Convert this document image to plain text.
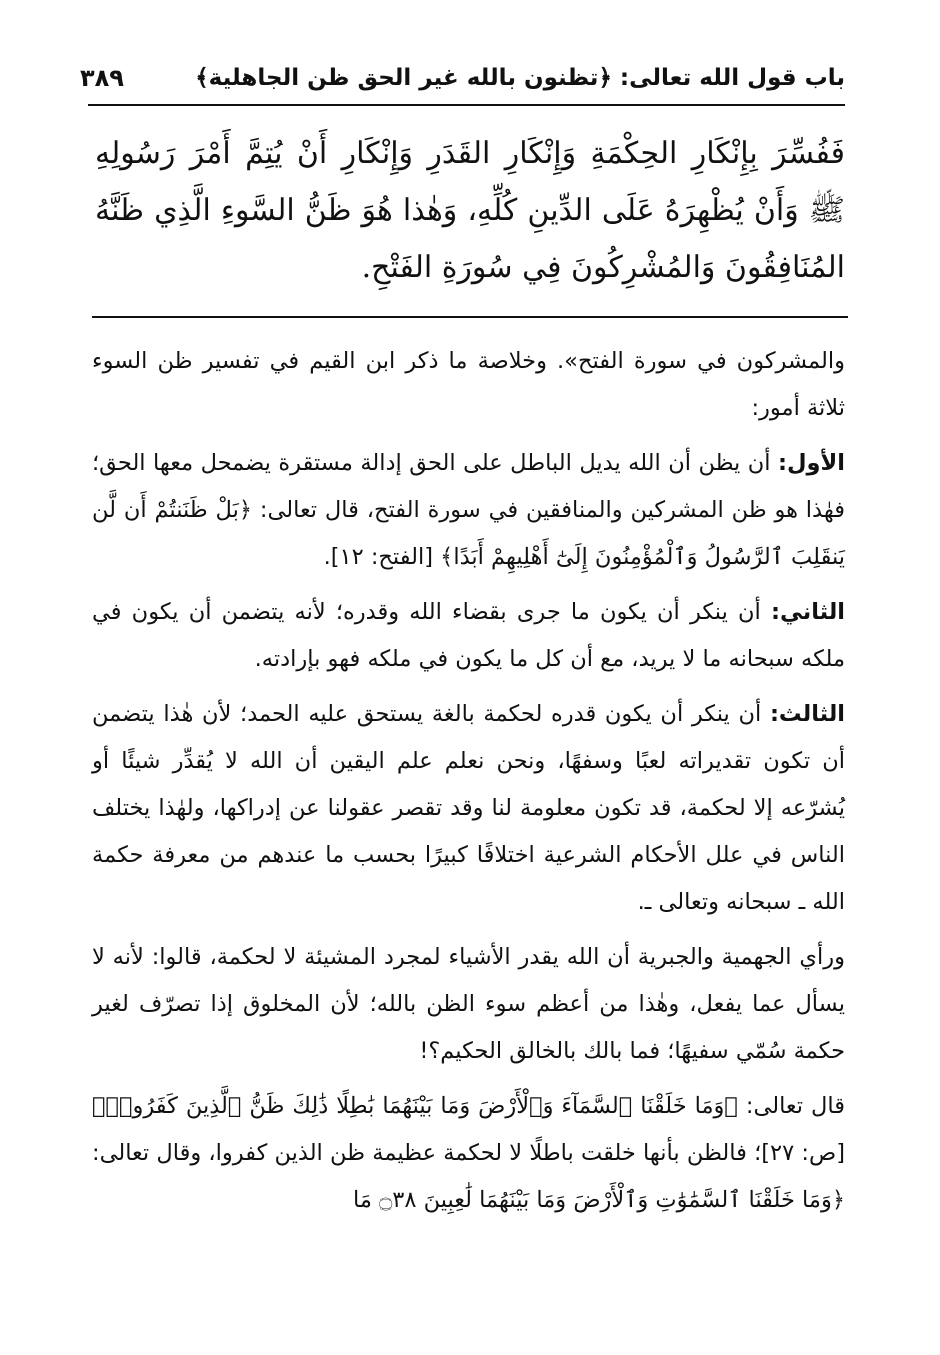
باب قول الله تعالى: ﴿تظنون بالله غير الحق ظن الجاهلية﴾
٣٨٩
فَفُسِّرَ بِإِنْكَارِ الحِكْمَةِ وَإِنْكَارِ القَدَرِ وَإِنْكَارِ أَنْ يُتِمَّ أَمْرَ رَسُولِهِ ﷺ وَأَنْ يُظْهِرَهُ عَلَى الدِّينِ كُلِّهِ، وَهٰذا هُوَ ظَنُّ السَّوءِ الَّذِي ظَنَّهُ المُنَافِقُونَ وَالمُشْرِكُونَ فِي سُورَةِ الفَتْحِ.

والمشركون في سورة الفتح». وخلاصة ما ذكر ابن القيم في تفسير ظن السوء ثلاثة أمور:

الأول: أن يظن أن الله يديل الباطل على الحق إدالة مستقرة يضمحل معها الحق؛ فهٰذا هو ظن المشركين والمنافقين في سورة الفتح، قال تعالى: ﴿بَلْ ظَنَنتُمْ أَن لَّن يَنقَلِبَ ٱلرَّسُولُ وَٱلْمُؤْمِنُونَ إِلَىٰٓ أَهْلِيهِمْ أَبَدًا﴾ [الفتح: ١٢].

الثاني: أن ينكر أن يكون ما جرى بقضاء الله وقدره؛ لأنه يتضمن أن يكون في ملكه سبحانه ما لا يريد، مع أن كل ما يكون في ملكه فهو بإرادته.

الثالث: أن ينكر أن يكون قدره لحكمة بالغة يستحق عليه الحمد؛ لأن هٰذا يتضمن أن تكون تقديراته لعبًا وسفهًا، ونحن نعلم علم اليقين أن الله لا يُقدِّر شيئًا أو يُشرّعه إلا لحكمة، قد تكون معلومة لنا وقد تقصر عقولنا عن إدراكها، ولهٰذا يختلف الناس في علل الأحكام الشرعية اختلافًا كبيرًا بحسب ما عندهم من معرفة حكمة الله ـ سبحانه وتعالى ـ.

ورأي الجهمية والجبرية أن الله يقدر الأشياء لمجرد المشيئة لا لحكمة، قالوا: لأنه لا يسأل عما يفعل، وهٰذا من أعظم سوء الظن بالله؛ لأن المخلوق إذا تصرّف لغير حكمة سُمّي سفيهًا؛ فما بالك بالخالق الحكيم؟!

قال تعالى: ﴿وَمَا خَلَقْنَا ٱلسَّمَآءَ وَٱلْأَرْضَ وَمَا بَيْنَهُمَا بَٰطِلًا ذَٰلِكَ ظَنُّ ٱلَّذِينَ كَفَرُوا۟﴾ [ص: ٢٧]؛ فالظن بأنها خلقت باطلًا لا لحكمة عظيمة ظن الذين كفروا، وقال تعالى: ﴿وَمَا خَلَقْنَا ٱلسَّمَٰوَٰتِ وَٱلْأَرْضَ وَمَا بَيْنَهُمَا لَٰعِبِينَ ۝٣٨ مَا
